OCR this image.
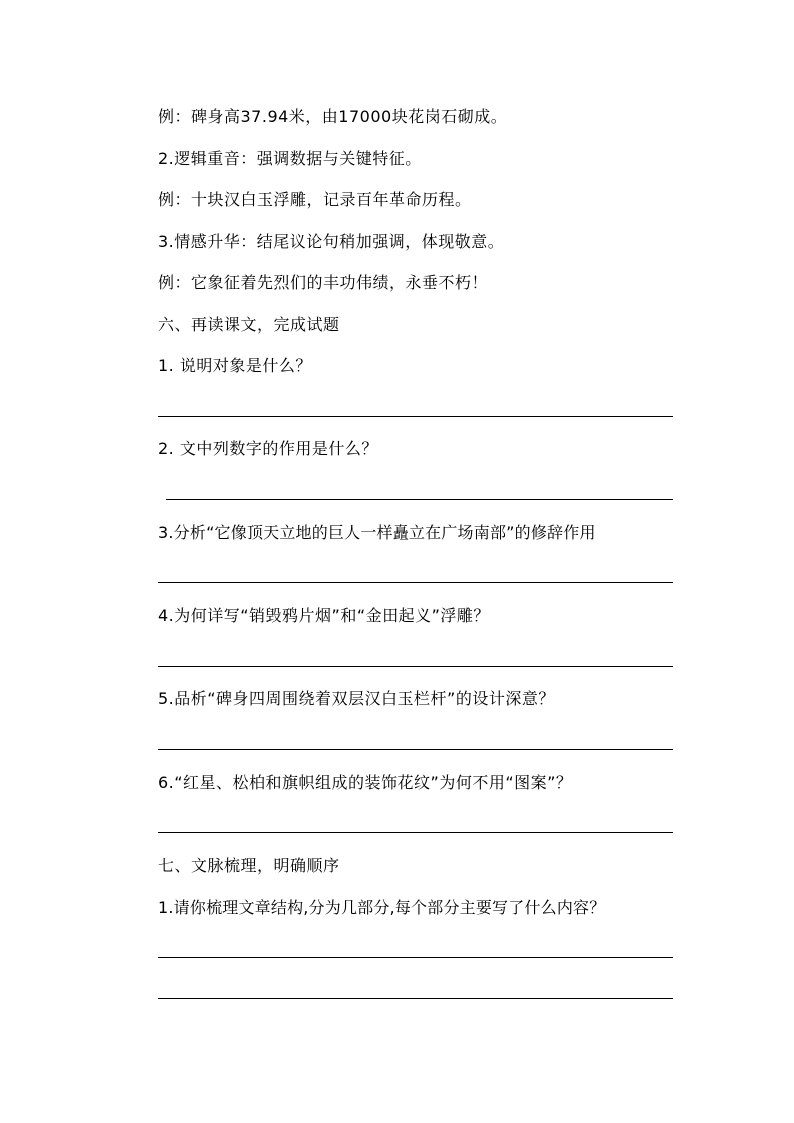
例：碑身高37.94米，由17000块花岗石砌成。
2.逻辑重音：强调数据与关键特征。
例：十块汉白玉浮雕，记录百年革命历程。
3.情感升华：结尾议论句稍加强调，体现敬意。
例：它象征着先烈们的丰功伟绩，永垂不朽！
六、再读课文，完成试题
1. 说明对象是什么？
2. 文中列数字的作用是什么？
3.分析“它像顶天立地的巨人一样矗立在广场南部”的修辞作用
4.为何详写“销毁鸦片烟”和“金田起义”浮雕？
5.品析“碑身四周围绕着双层汉白玉栏杆”的设计深意？
6.“红星、松柏和旗帜组成的装饰花纹”为何不用“图案”？
七、文脉梳理，明确顺序
1.请你梳理文章结构,分为几部分,每个部分主要写了什么内容？
